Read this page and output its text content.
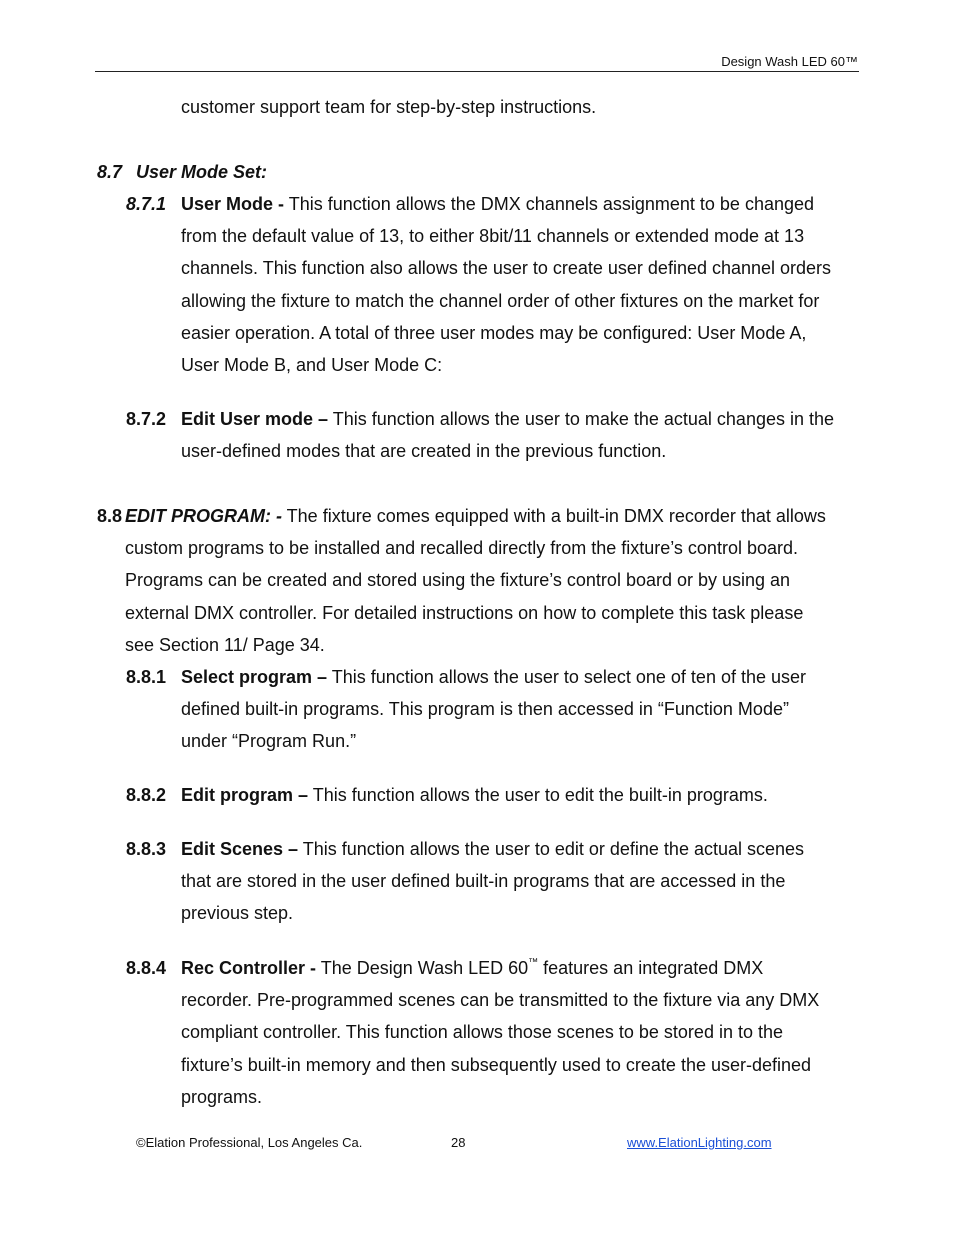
Design Wash LED 60™
customer support team for step-by-step instructions.
8.7 User Mode Set:
8.7.1 User Mode - This function allows the DMX channels assignment to be changed
from the default value of 13, to either 8bit/11 channels or extended mode at 13
channels. This function also allows the user to create user defined channel orders
allowing the fixture to match the channel order of other fixtures on the market for
easier operation. A total of three user modes may be configured: User Mode A,
User Mode B, and User Mode C:
8.7.2 Edit User mode – This function allows the user to make the actual changes in the
user-defined modes that are created in the previous function.
8.8 EDIT PROGRAM: - The fixture comes equipped with a built-in DMX recorder that allows
custom programs to be installed and recalled directly from the fixture’s control board.
Programs can be created and stored using the fixture’s control board or by using an
external DMX controller. For detailed instructions on how to complete this task please
see Section 11/ Page 34.
8.8.1 Select program – This function allows the user to select one of ten of the user
defined built-in programs. This program is then accessed in “Function Mode”
under “Program Run.”
8.8.2 Edit program – This function allows the user to edit the built-in programs.
8.8.3 Edit Scenes – This function allows the user to edit or define the actual scenes
that are stored in the user defined built-in programs that are accessed in the
previous step.
8.8.4 Rec Controller - The Design Wash LED 60™ features an integrated DMX
recorder. Pre-programmed scenes can be transmitted to the fixture via any DMX
compliant controller. This function allows those scenes to be stored in to the
fixture’s built-in memory and then subsequently used to create the user-defined
programs.
©Elation Professional, Los Angeles Ca.	28	www.ElationLighting.com
